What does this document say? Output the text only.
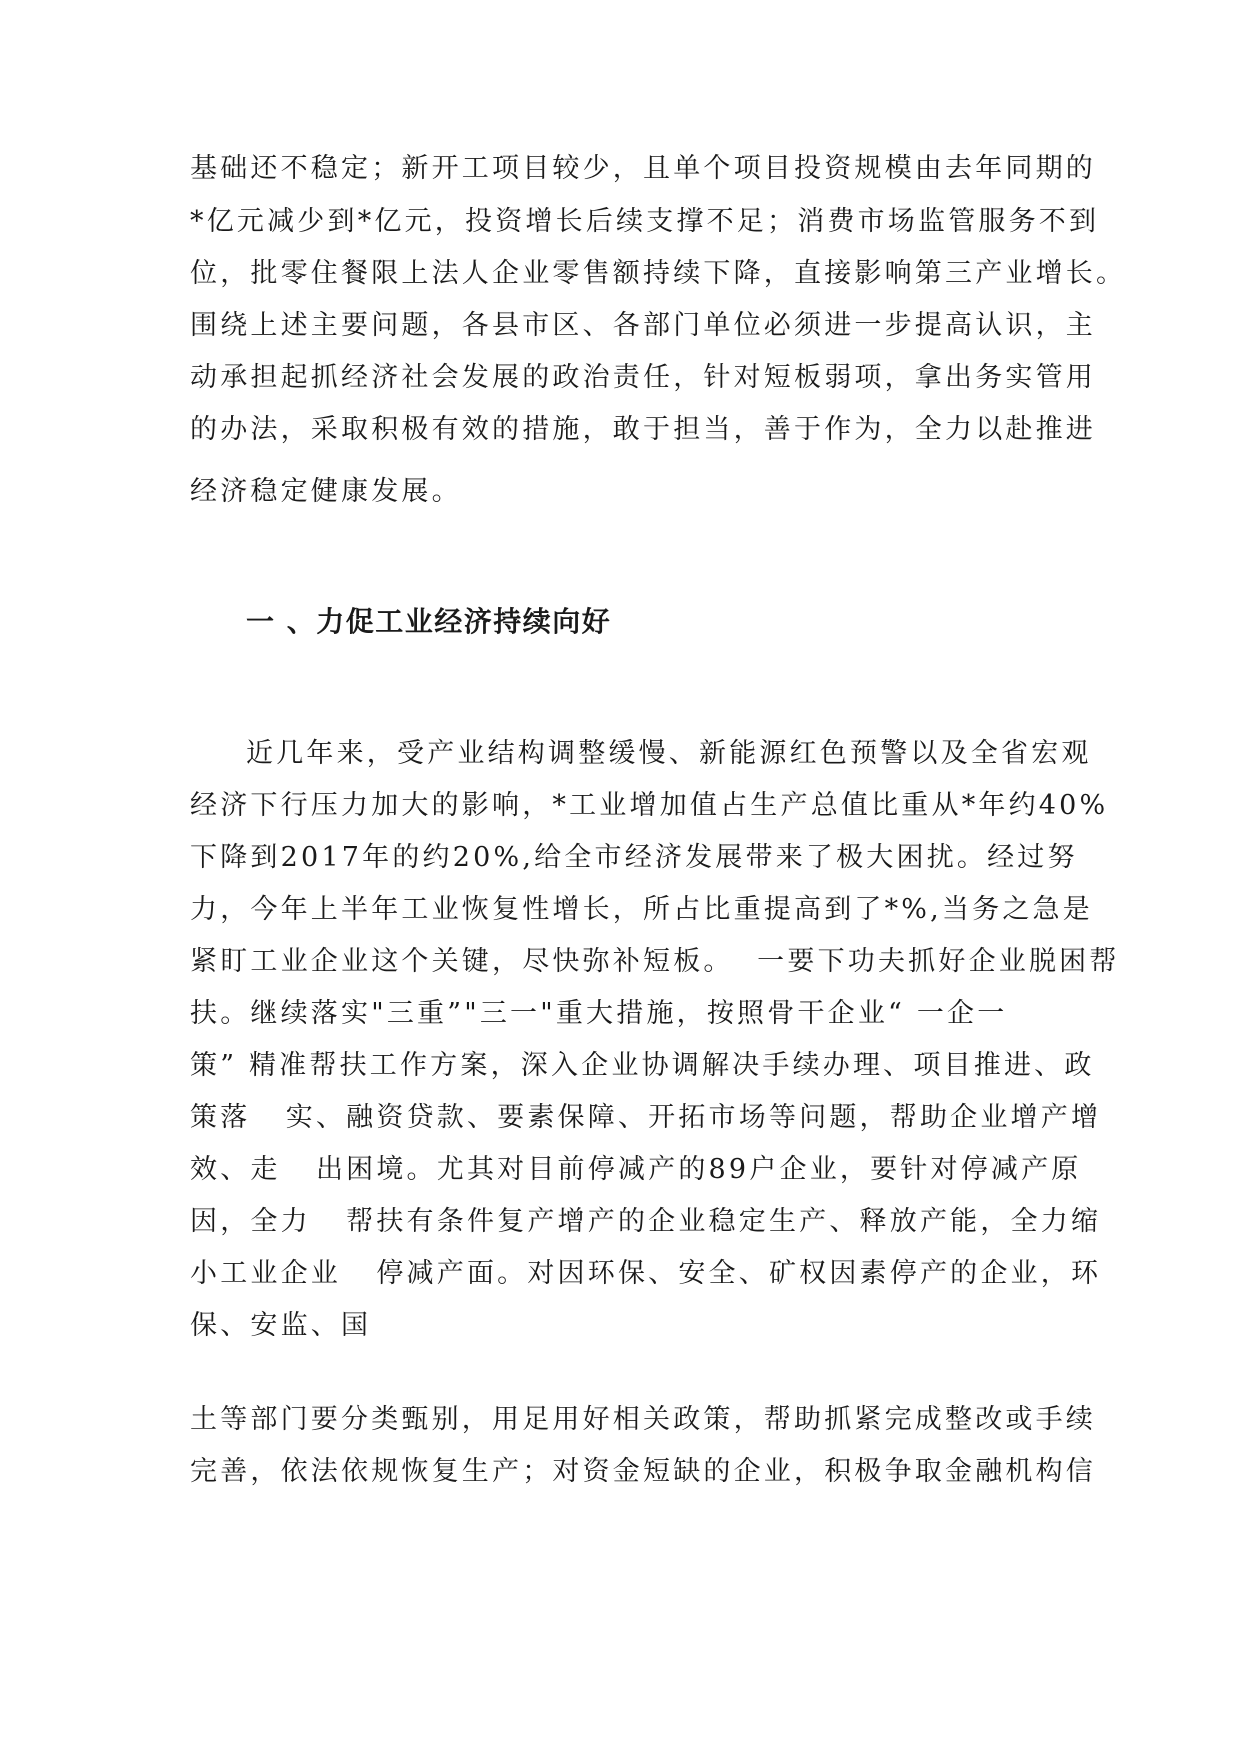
基础还不稳定；新开工项目较少，且单个项目投资规模由去年同期的
*亿元减少到*亿元，投资增长后续支撑不足；消费市场监管服务不到
位，批零住餐限上法人企业零售额持续下降，直接影响第三产业增长。
围绕上述主要问题，各县市区、各部门单位必须进一步提高认识，主
动承担起抓经济社会发展的政治责任，针对短板弱项，拿出务实管用
的办法，采取积极有效的措施，敢于担当，善于作为，全力以赴推进
经济稳定健康发展。
一 、力促工业经济持续向好
近几年来，受产业结构调整缓慢、新能源红色预警以及全省宏观
经济下行压力加大的影响，*工业增加值占生产总值比重从*年约40%
下降到2017年的约20%,给全市经济发展带来了极大困扰。经过努
力，今年上半年工业恢复性增长，所占比重提高到了*%,当务之急是
紧盯工业企业这个关键，尽快弥补短板。  一要下功夫抓好企业脱困帮
扶。继续落实"三重”"三一"重大措施，按照骨干企业“ 一企一
策” 精准帮扶工作方案，深入企业协调解决手续办理、项目推进、政
策落   实、融资贷款、要素保障、开拓市场等问题，帮助企业增产增
效、走   出困境。尤其对目前停减产的89户企业，要针对停减产原
因，全力   帮扶有条件复产增产的企业稳定生产、释放产能，全力缩
小工业企业   停减产面。对因环保、安全、矿权因素停产的企业，环
保、安监、国
土等部门要分类甄别，用足用好相关政策，帮助抓紧完成整改或手续
完善，依法依规恢复生产；对资金短缺的企业，积极争取金融机构信
